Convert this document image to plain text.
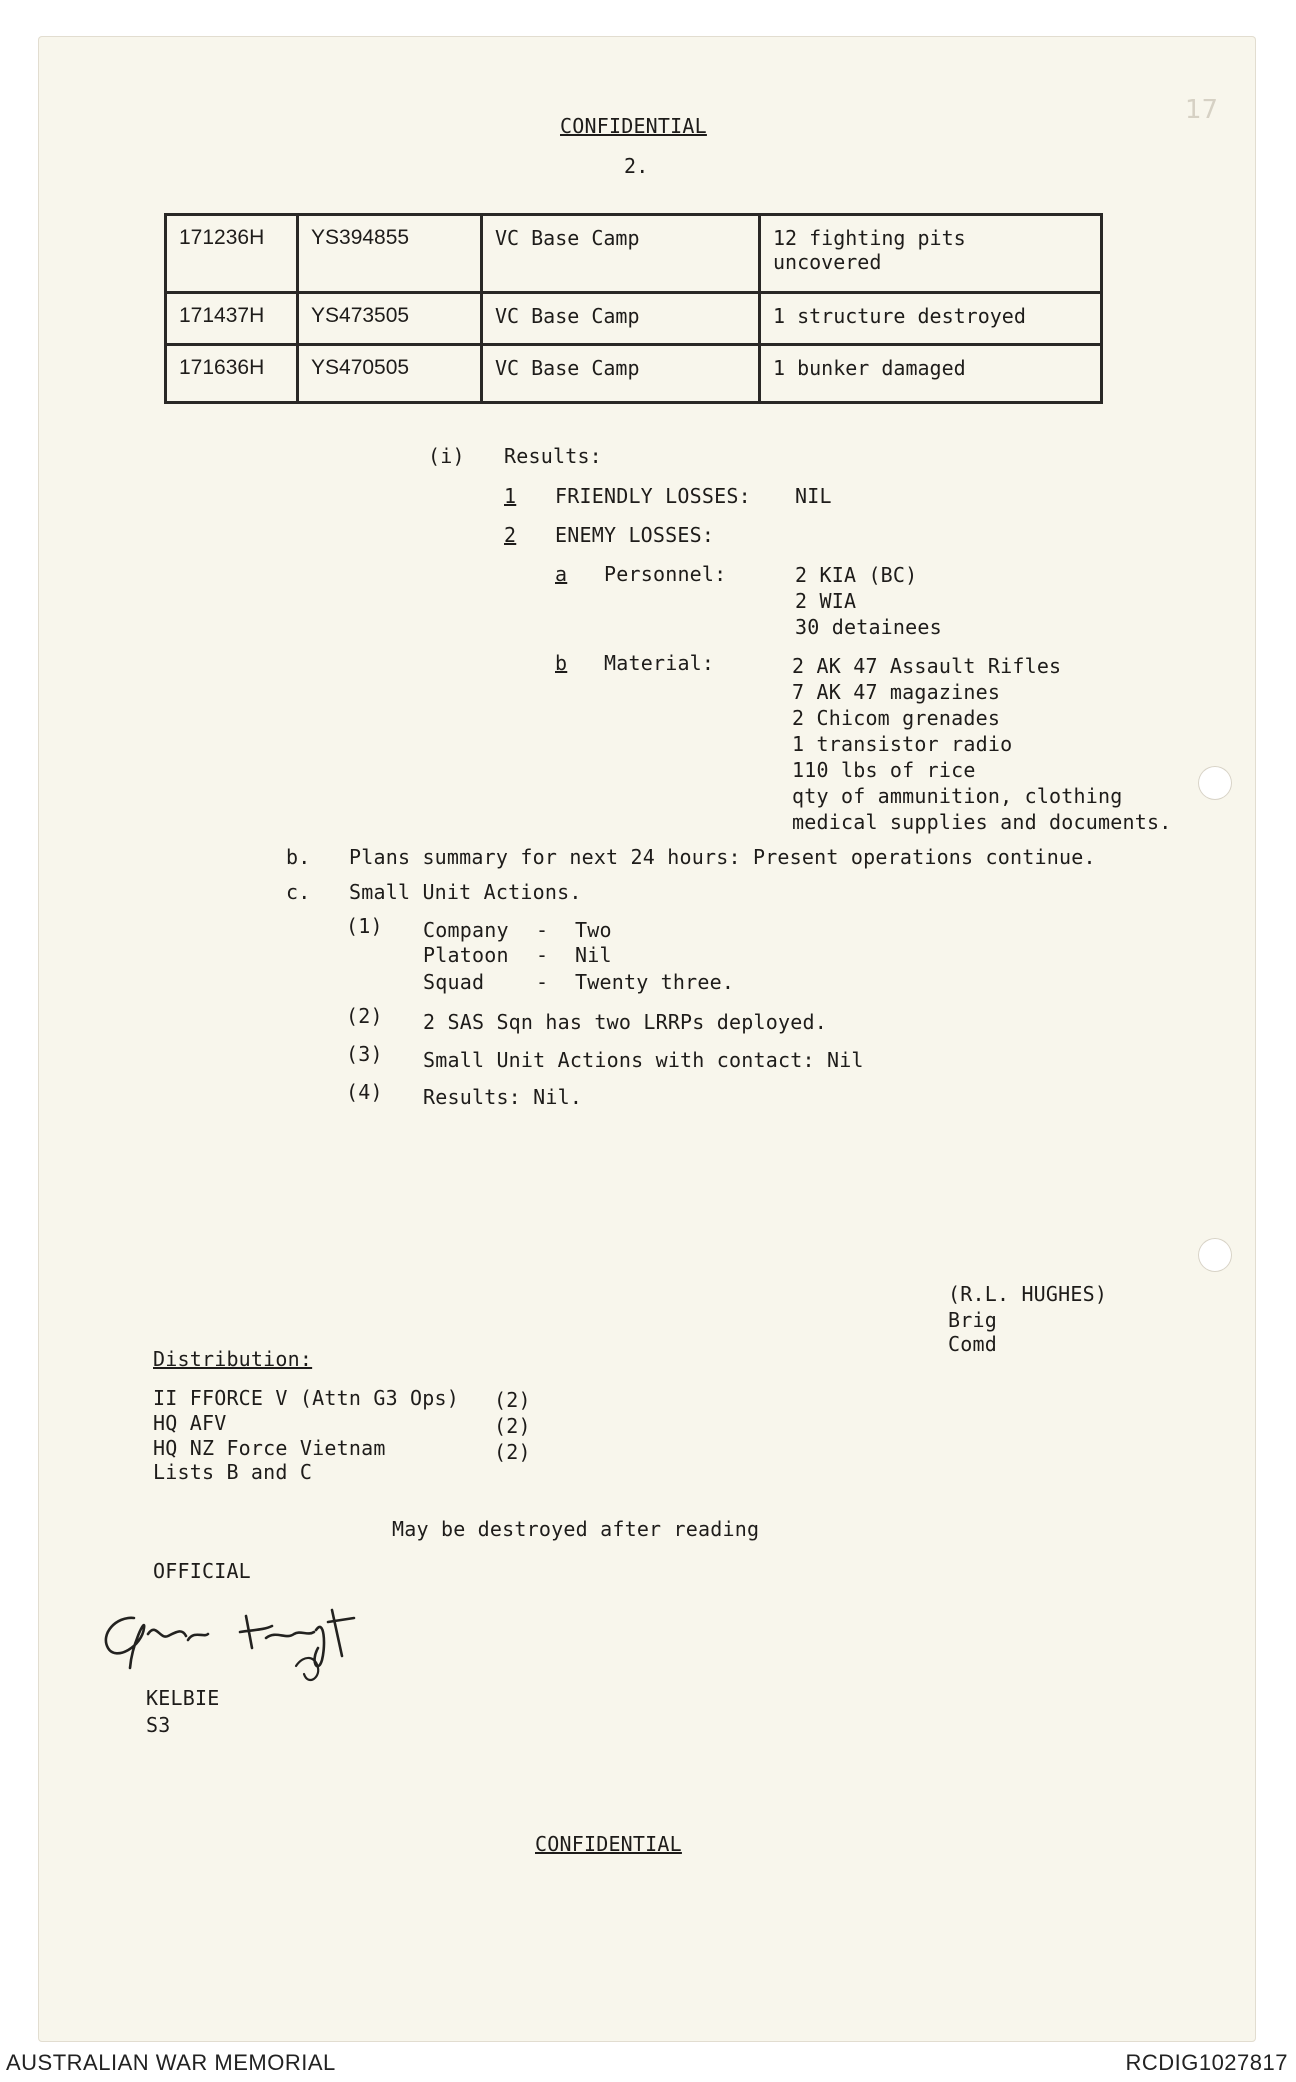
17
CONFIDENTIAL
2.
171236H	YS394855	VC Base Camp	12 fighting pits
uncovered
171437H	YS473505	VC Base Camp	1 structure destroyed
171636H	YS470505	VC Base Camp	1 bunker damaged
(i) Results:
1 FRIENDLY LOSSES: NIL
2 ENEMY LOSSES:
a Personnel:	2 KIA (BC)
2 WIA
30 detainees
b Material:	2 AK 47 Assault Rifles
7 AK 47 magazines
2 Chicom grenades
1 transistor radio
110 lbs of rice
qty of ammunition, clothing
medical supplies and documents.
b. Plans summary for next 24 hours: Present operations continue.
c. Small Unit Actions.
(1) Company - Two
Platoon - Nil
Squad	- Twenty three.
(2) 2 SAS Sqn has two LRRPs deployed.
(3) Small Unit Actions with contact: Nil
(4) Results: Nil.
(R.L. HUGHES)
Brig
Comd
Distribution:
II FFORCE V (Attn G3 Ops) (2)
HQ AFV	(2)
HQ NZ Force Vietnam	(2)
Lists B and C
May be destroyed after reading
OFFICIAL
KELBIE
S3
CONFIDENTIAL
AUSTRALIAN WAR MEMORIAL	RCDIG1027817
